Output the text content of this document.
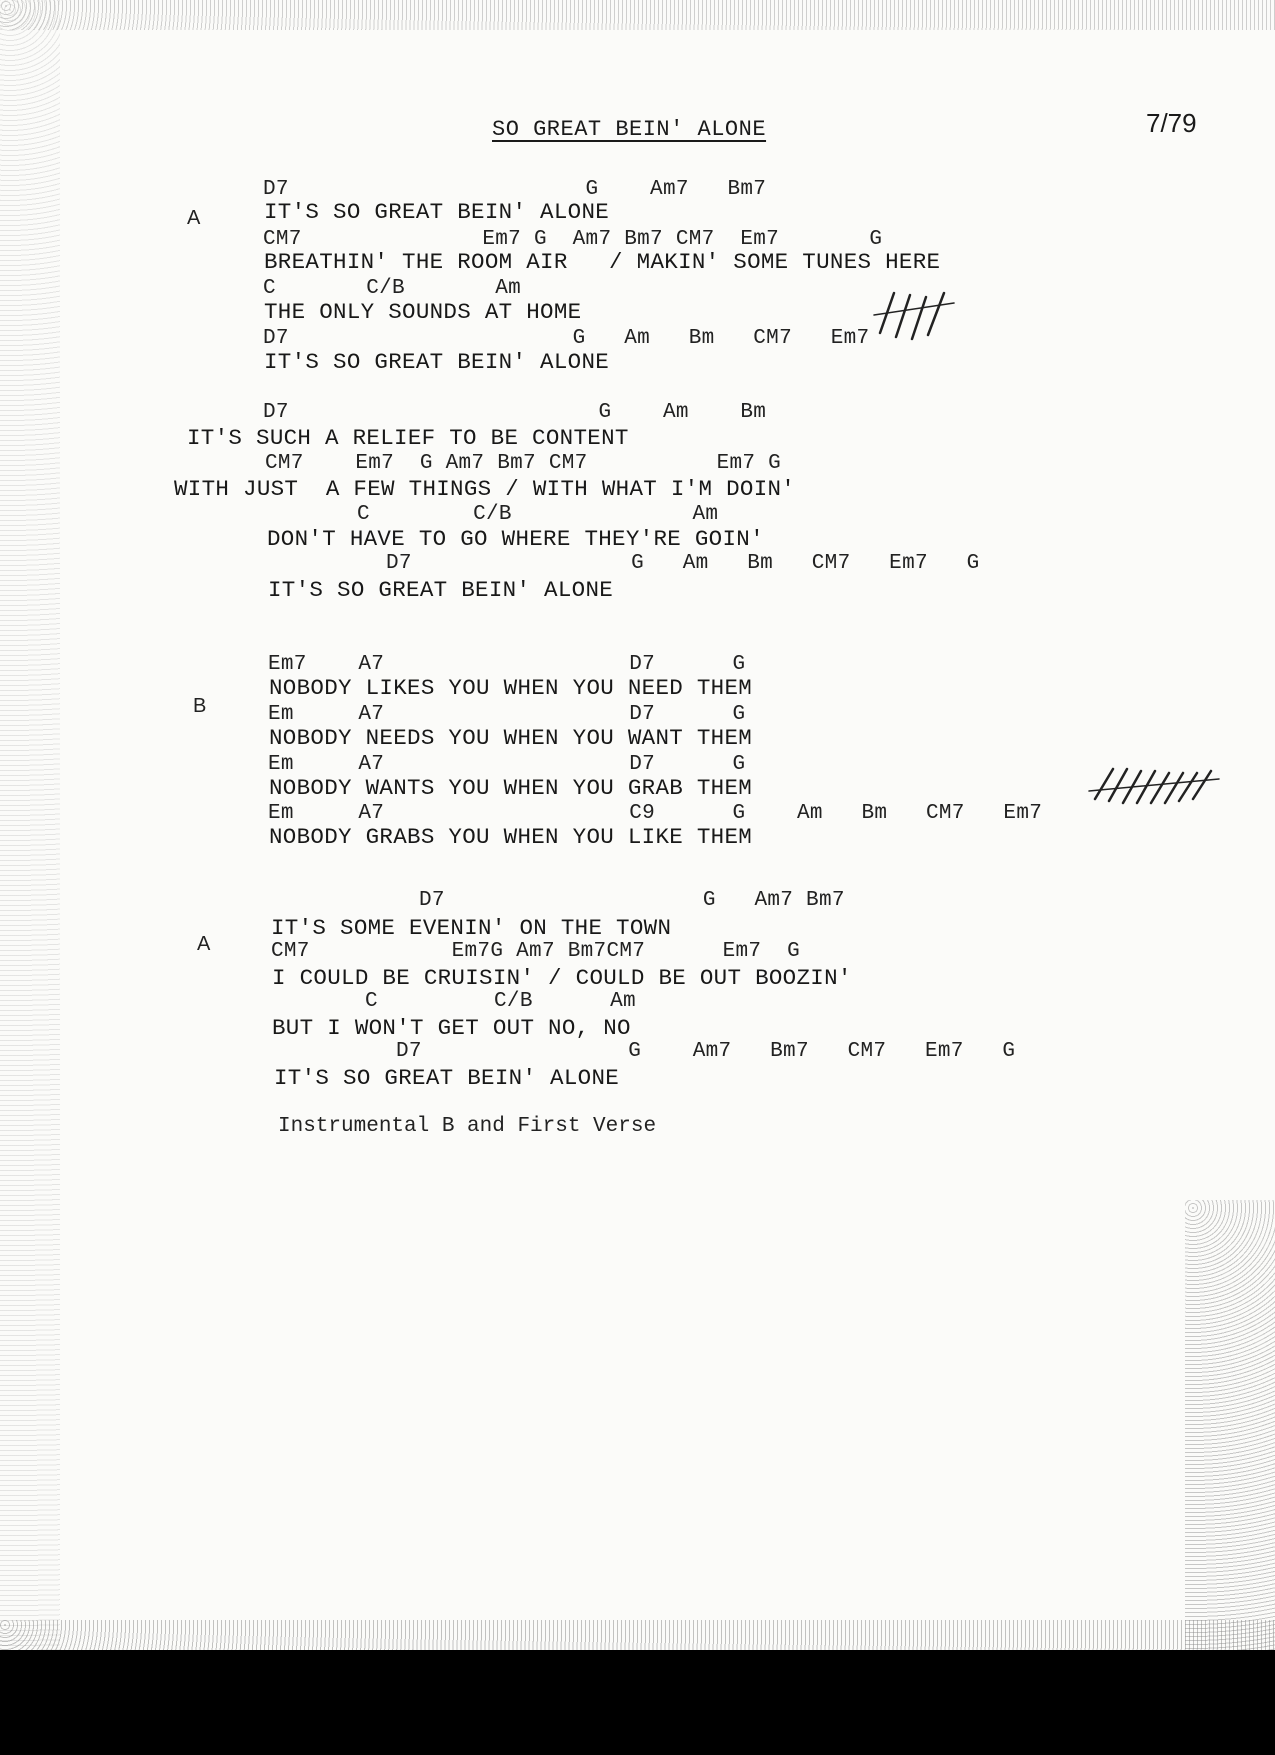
SO GREAT BEIN' ALONE	7/79
A
B
A
D7                       G    Am7   Bm7
IT'S SO GREAT BEIN' ALONE
CM7              Em7 G  Am7 Bm7 CM7  Em7       G
BREATHIN' THE ROOM AIR   / MAKIN' SOME TUNES HERE
C       C/B       Am
THE ONLY SOUNDS AT HOME
D7                      G   Am   Bm   CM7   Em7
IT'S SO GREAT BEIN' ALONE
D7                        G    Am    Bm
IT'S SUCH A RELIEF TO BE CONTENT
CM7    Em7  G Am7 Bm7 CM7          Em7 G
WITH JUST  A FEW THINGS / WITH WHAT I'M DOIN'
C        C/B              Am
DON'T HAVE TO GO WHERE THEY'RE GOIN'
D7                 G   Am   Bm   CM7   Em7   G
IT'S SO GREAT BEIN' ALONE
Em7    A7                   D7      G
NOBODY LIKES YOU WHEN YOU NEED THEM
Em     A7                   D7      G
NOBODY NEEDS YOU WHEN YOU WANT THEM
Em     A7                   D7      G
NOBODY WANTS YOU WHEN YOU GRAB THEM
Em     A7                   C9      G    Am   Bm   CM7   Em7
NOBODY GRABS YOU WHEN YOU LIKE THEM
D7                    G   Am7 Bm7
IT'S SOME EVENIN' ON THE TOWN
CM7           Em7G Am7 Bm7CM7      Em7  G
I COULD BE CRUISIN' / COULD BE OUT BOOZIN'
C         C/B      Am
BUT I WON'T GET OUT NO, NO
D7                G    Am7   Bm7   CM7   Em7   G
IT'S SO GREAT BEIN' ALONE
Instrumental B and First Verse
